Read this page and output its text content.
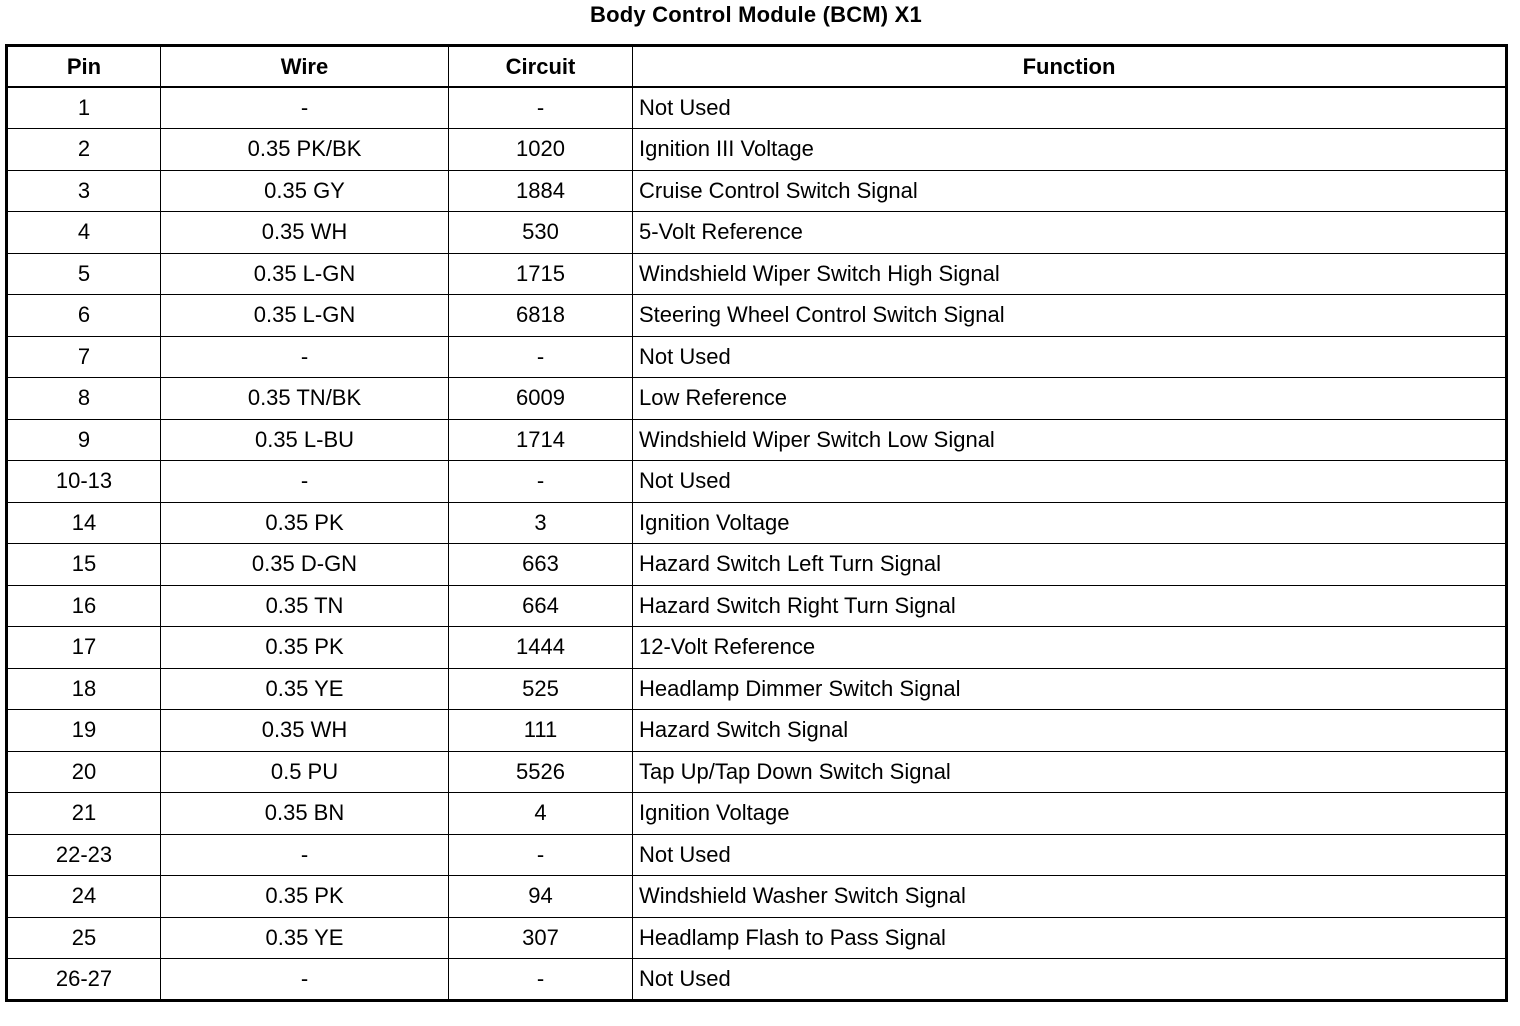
Body Control Module (BCM) X1
Pin	Wire	Circuit	Function
1	-	-	Not Used
2	0.35 PK/BK	1020	Ignition III Voltage
3	0.35 GY	1884	Cruise Control Switch Signal
4	0.35 WH	530	5-Volt Reference
5	0.35 L-GN	1715	Windshield Wiper Switch High Signal
6	0.35 L-GN	6818	Steering Wheel Control Switch Signal
7	-	-	Not Used
8	0.35 TN/BK	6009	Low Reference
9	0.35 L-BU	1714	Windshield Wiper Switch Low Signal
10-13	-	-	Not Used
14	0.35 PK	3	Ignition Voltage
15	0.35 D-GN	663	Hazard Switch Left Turn Signal
16	0.35 TN	664	Hazard Switch Right Turn Signal
17	0.35 PK	1444	12-Volt Reference
18	0.35 YE	525	Headlamp Dimmer Switch Signal
19	0.35 WH	111	Hazard Switch Signal
20	0.5 PU	5526	Tap Up/Tap Down Switch Signal
21	0.35 BN	4	Ignition Voltage
22-23	-	-	Not Used
24	0.35 PK	94	Windshield Washer Switch Signal
25	0.35 YE	307	Headlamp Flash to Pass Signal
26-27	-	-	Not Used
